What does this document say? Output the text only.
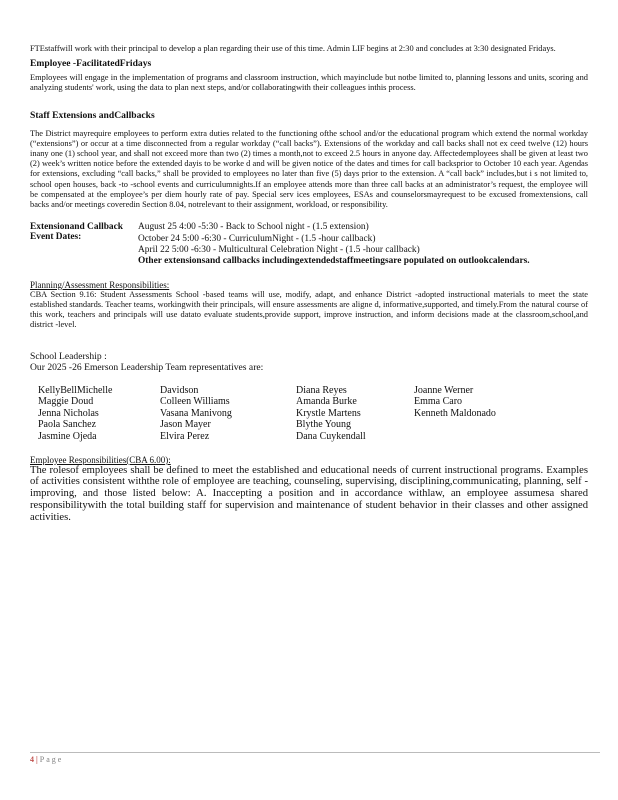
FTEstaffwill work with their principal to develop a plan regarding their use of this time. Admin LIF begins at 2:30 and concludes at 3:30 designated Fridays.

Employee -FacilitatedFridays

Employees will engage in the implementation of programs and classroom instruction, which mayinclude but notbe limited to, planning lessons and units, scoring and analyzing students' work, using the data to plan next steps, and/or collaboratingwith their colleagues inthis process.

Staff Extensions andCallbacks

The District mayrequire employees to perform extra duties related to the functioning ofthe school and/or the educational program which extend the normal workday (“extensions”) or occur at a time disconnected from a regular workday (“call backs”). Extensions of the workday and call backs shall not ex ceed twelve (12) hours inany one (1) school year, and shall not exceed more than two (2) times a month,not to exceed 2.5 hours in anyone day. Affectedemployees shall be given at least two (2) week’s written notice before the extended dayis to be worke d and will be given notice of the dates and times for call backsprior to October 10 each year. Agendas for extensions, excluding “call backs,” shall be provided to employees no later than five (5) days prior to the extension. A “call back” includes,but i s not limited to, school open houses, back -to -school events and curriculumnights.If an employee attends more than three call backs at an administrator’s request, the employee will be compensated at the employee’s per diem hourly rate of pay. Special serv ices employees, ESAs and counselorsmayrequest to be excused fromextensions, call backs and/or meetings coveredin Section 8.04, notrelevant to their assignment, workload, or responsibility.

Extensionand Callback Event Dates:
August 25 4:00 -5:30 - Back to School night - (1.5 extension)
October 24 5:00 -6:30 - CurriculumNight - (1.5 -hour callback)
April 22 5:00 -6:30 - Multicultural Celebration Night - (1.5 -hour callback)
Other extensionsand callbacks includingextendedstaffmeetingsare populated on outlookcalendars.
Planning/Assessment Responsibilities:

CBA Section 9.16: Student Assessments School -based teams will use, modify, adapt, and enhance District -adopted instructional materials to meet the state established standards. Teacher teams, workingwith their principals, will ensure assessments are aligne d, informative,supported, and timely.From the natural course of this work, teachers and principals will use datato evaluate students,provide support, improve instruction, and inform decisions made at the classroom,school,and district -level.

School Leadership :
Our 2025 -26 Emerson Leadership Team representatives are:
KellyBellMichelle
Maggie Doud
Jenna Nicholas
Paola Sanchez
Jasmine Ojeda
Davidson
Colleen Williams
Vasana Manivong
Jason Mayer
Elvira Perez
Diana Reyes
Amanda Burke
Krystle Martens
Blythe Young
Dana Cuykendall
Joanne Werner
Emma Caro
Kenneth Maldonado
Employee Responsibilities(CBA 6.00):

The rolesof employees shall be defined to meet the established and educational needs of current instructional programs. Examples of activities consistent withthe role of employee are teaching, counseling, supervising, disciplining,communicating, planning, self -improving, and those listed below: A. Inaccepting a position and in accordance withlaw, an employee assumesa shared responsibilitywith the total building staff for supervision and maintenance of student behavior in their classes and other assigned activities.

4 | Page
